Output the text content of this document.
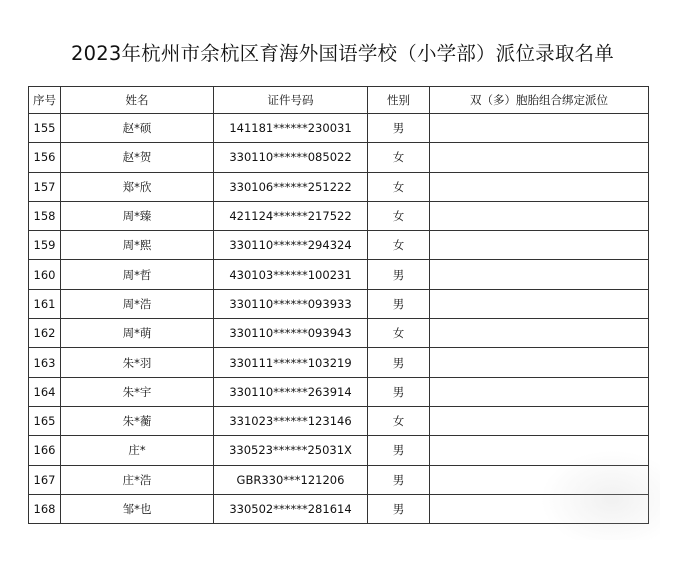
2023年杭州市余杭区育海外国语学校（小学部）派位录取名单
序号	姓名	证件号码	性别	双（多）胞胎组合绑定派位
155	赵*硕	141181******230031	男	
156	赵*贺	330110******085022	女	
157	郑*欣	330106******251222	女	
158	周*臻	421124******217522	女	
159	周*熙	330110******294324	女	
160	周*哲	430103******100231	男	
161	周*浩	330110******093933	男	
162	周*萌	330110******093943	女	
163	朱*羽	330111******103219	男	
164	朱*宇	330110******263914	男	
165	朱*蘅	331023******123146	女	
166	庄*	330523******25031X	男	
167	庄*浩	GBR330***121206	男	
168	邹*也	330502******281614	男	
